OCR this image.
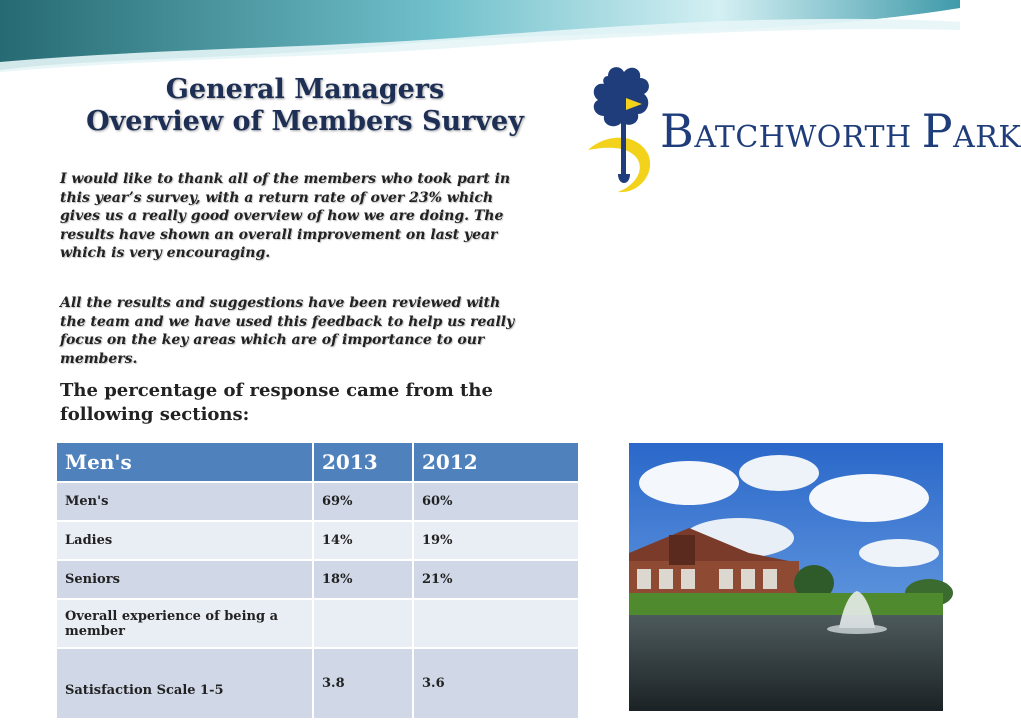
General Managers
Overview of Members Survey
I would like to thank all of the members who took part in this year’s survey, with a return rate of over 23% which gives us a really good overview of how we are doing. The results have shown an overall improvement on last year which is very encouraging.
All the results and suggestions have been reviewed with the team and we have used this feedback to help us really focus on the key areas which are of importance to our members.
The percentage of response came from the following sections:
BATCHWORTH PARK
Men's	2013	2012
Men's	69%	60%
Ladies	14%	19%
Seniors	18%	21%
Overall experience of being a member		
Satisfaction Scale 1-5	3.8	3.6
